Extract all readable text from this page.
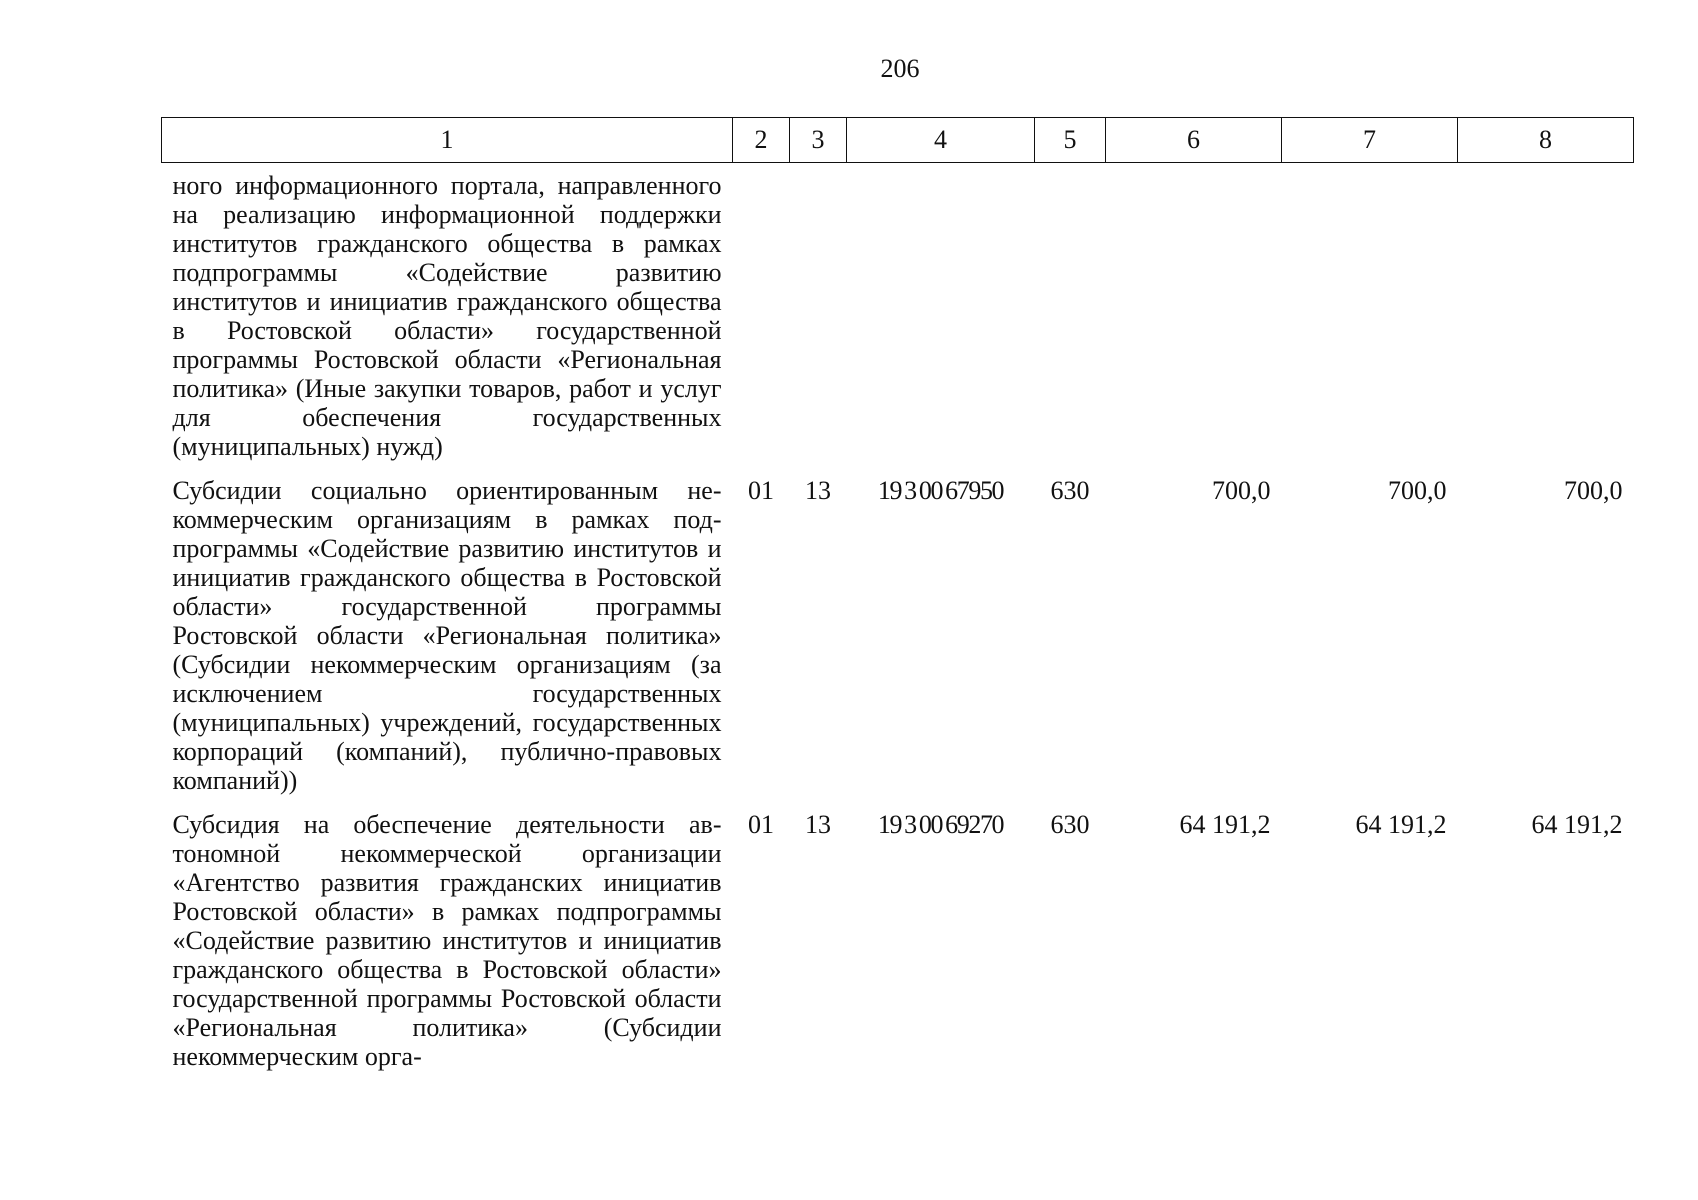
206
1	2	3	4	5	6	7	8
ного информационного портала, направленного на реализацию информационной поддержки институтов гражданского общества в рамках подпрограммы «Содействие развитию институтов и инициатив гражданского общества в Ростовской области» государственной программы Ростовской области «Региональная политика» (Иные закупки товаров, работ и услуг для обеспечения государственных (муниципальных) нужд)							
Субсидии социально ориентированным некоммерческим организациям в рамках подпрограммы «Содействие развитию институтов и инициатив гражданского общества в Ростовской области» государственной программы Ростовской области «Региональная политика» (Субсидии некоммерческим организациям (за исключением государственных (муниципальных) учреждений, государственных корпораций (компаний), публично-правовых компаний))	01	13	19 3 00 67950	630	700,0	700,0	700,0
Субсидия на обеспечение деятельности автономной некоммерческой организации «Агентство развития гражданских инициатив Ростовской области» в рамках подпрограммы «Содействие развитию институтов и инициатив гражданского общества в Ростовской области» государственной программы Ростовской области «Региональная политика» (Субсидии некоммерческим орга-	01	13	19 3 00 69270	630	64 191,2	64 191,2	64 191,2
